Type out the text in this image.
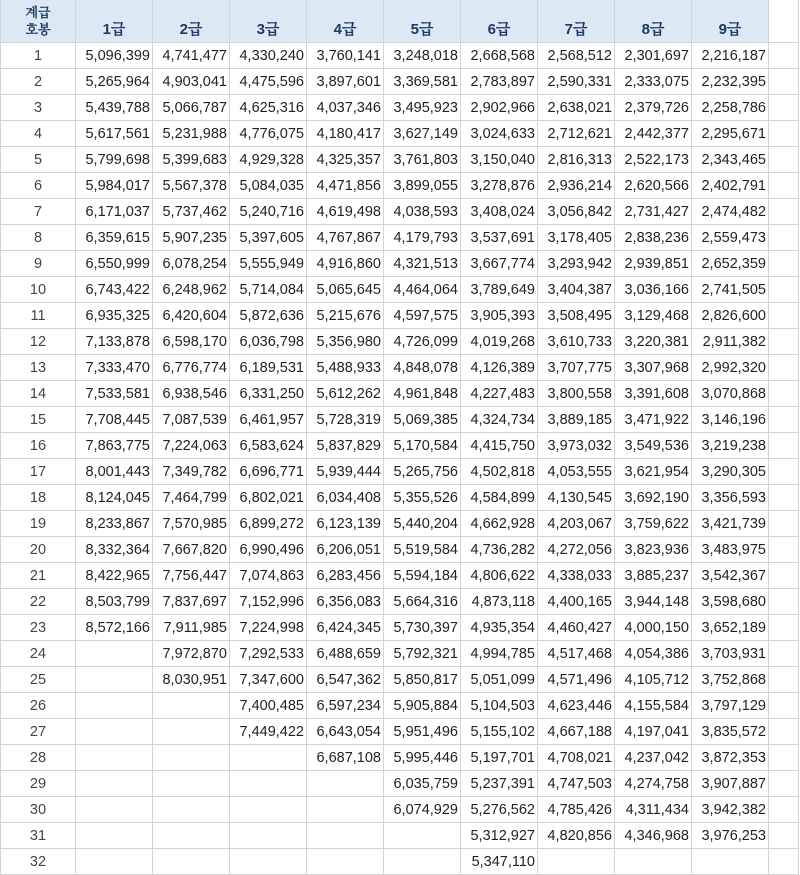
계급
호봉	1급	2급	3급	4급	5급	6급	7급	8급	9급	
1	5,096,399	4,741,477	4,330,240	3,760,141	3,248,018	2,668,568	2,568,512	2,301,697	2,216,187	
2	5,265,964	4,903,041	4,475,596	3,897,601	3,369,581	2,783,897	2,590,331	2,333,075	2,232,395	
3	5,439,788	5,066,787	4,625,316	4,037,346	3,495,923	2,902,966	2,638,021	2,379,726	2,258,786	
4	5,617,561	5,231,988	4,776,075	4,180,417	3,627,149	3,024,633	2,712,621	2,442,377	2,295,671	
5	5,799,698	5,399,683	4,929,328	4,325,357	3,761,803	3,150,040	2,816,313	2,522,173	2,343,465	
6	5,984,017	5,567,378	5,084,035	4,471,856	3,899,055	3,278,876	2,936,214	2,620,566	2,402,791	
7	6,171,037	5,737,462	5,240,716	4,619,498	4,038,593	3,408,024	3,056,842	2,731,427	2,474,482	
8	6,359,615	5,907,235	5,397,605	4,767,867	4,179,793	3,537,691	3,178,405	2,838,236	2,559,473	
9	6,550,999	6,078,254	5,555,949	4,916,860	4,321,513	3,667,774	3,293,942	2,939,851	2,652,359	
10	6,743,422	6,248,962	5,714,084	5,065,645	4,464,064	3,789,649	3,404,387	3,036,166	2,741,505	
11	6,935,325	6,420,604	5,872,636	5,215,676	4,597,575	3,905,393	3,508,495	3,129,468	2,826,600	
12	7,133,878	6,598,170	6,036,798	5,356,980	4,726,099	4,019,268	3,610,733	3,220,381	2,911,382	
13	7,333,470	6,776,774	6,189,531	5,488,933	4,848,078	4,126,389	3,707,775	3,307,968	2,992,320	
14	7,533,581	6,938,546	6,331,250	5,612,262	4,961,848	4,227,483	3,800,558	3,391,608	3,070,868	
15	7,708,445	7,087,539	6,461,957	5,728,319	5,069,385	4,324,734	3,889,185	3,471,922	3,146,196	
16	7,863,775	7,224,063	6,583,624	5,837,829	5,170,584	4,415,750	3,973,032	3,549,536	3,219,238	
17	8,001,443	7,349,782	6,696,771	5,939,444	5,265,756	4,502,818	4,053,555	3,621,954	3,290,305	
18	8,124,045	7,464,799	6,802,021	6,034,408	5,355,526	4,584,899	4,130,545	3,692,190	3,356,593	
19	8,233,867	7,570,985	6,899,272	6,123,139	5,440,204	4,662,928	4,203,067	3,759,622	3,421,739	
20	8,332,364	7,667,820	6,990,496	6,206,051	5,519,584	4,736,282	4,272,056	3,823,936	3,483,975	
21	8,422,965	7,756,447	7,074,863	6,283,456	5,594,184	4,806,622	4,338,033	3,885,237	3,542,367	
22	8,503,799	7,837,697	7,152,996	6,356,083	5,664,316	4,873,118	4,400,165	3,944,148	3,598,680	
23	8,572,166	7,911,985	7,224,998	6,424,345	5,730,397	4,935,354	4,460,427	4,000,150	3,652,189	
24		7,972,870	7,292,533	6,488,659	5,792,321	4,994,785	4,517,468	4,054,386	3,703,931	
25		8,030,951	7,347,600	6,547,362	5,850,817	5,051,099	4,571,496	4,105,712	3,752,868	
26			7,400,485	6,597,234	5,905,884	5,104,503	4,623,446	4,155,584	3,797,129	
27			7,449,422	6,643,054	5,951,496	5,155,102	4,667,188	4,197,041	3,835,572	
28				6,687,108	5,995,446	5,197,701	4,708,021	4,237,042	3,872,353	
29					6,035,759	5,237,391	4,747,503	4,274,758	3,907,887	
30					6,074,929	5,276,562	4,785,426	4,311,434	3,942,382	
31						5,312,927	4,820,856	4,346,968	3,976,253	
32						5,347,110				
